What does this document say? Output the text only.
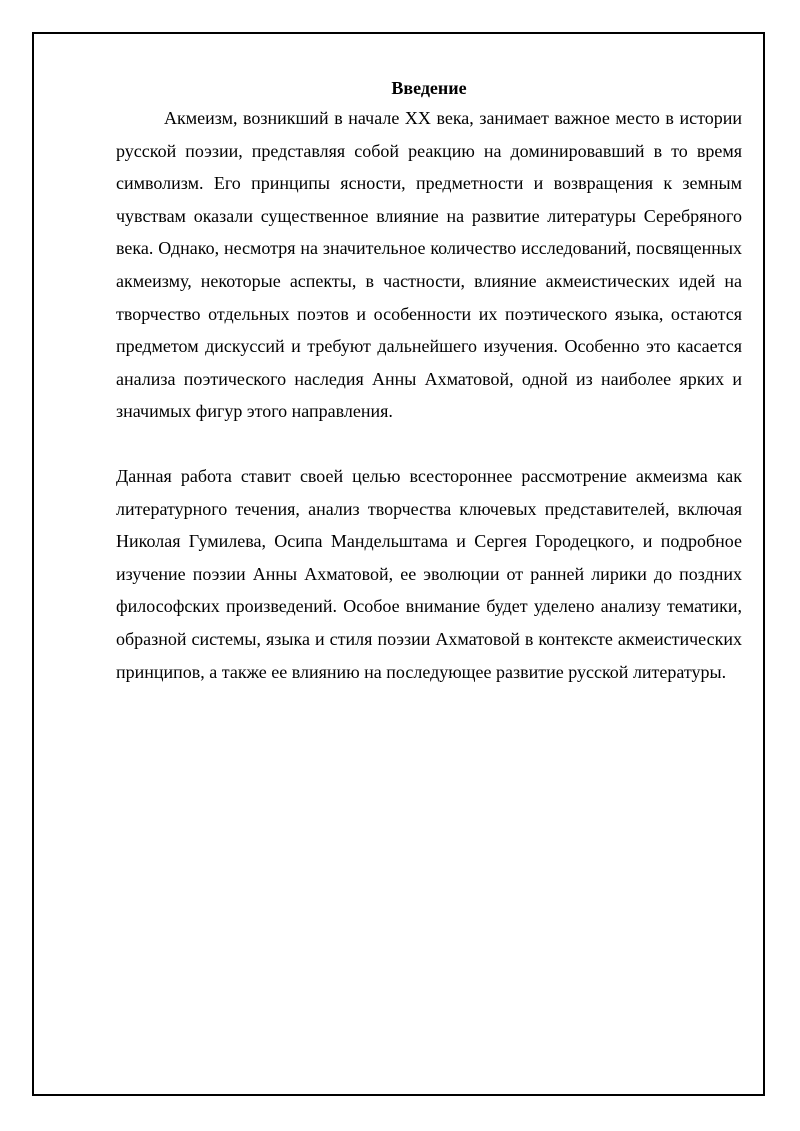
Введение

Акмеизм, возникший в начале XX века, занимает важное место в истории русской поэзии, представляя собой реакцию на доминировавший в то время символизм. Его принципы ясности, предметности и возвращения к земным чувствам оказали существенное влияние на развитие литературы Серебряного века. Однако, несмотря на значительное количество исследований, посвященных акмеизму, некоторые аспекты, в частности, влияние акмеистических идей на творчество отдельных поэтов и особенности их поэтического языка, остаются предметом дискуссий и требуют дальнейшего изучения. Особенно это касается анализа поэтического наследия Анны Ахматовой, одной из наиболее ярких и значимых фигур этого направления.

Данная работа ставит своей целью всестороннее рассмотрение акмеизма как литературного течения, анализ творчества ключевых представителей, включая Николая Гумилева, Осипа Мандельштама и Сергея Городецкого, и подробное изучение поэзии Анны Ахматовой, ее эволюции от ранней лирики до поздних философских произведений. Особое внимание будет уделено анализу тематики, образной системы, языка и стиля поэзии Ахматовой в контексте акмеистических принципов, а также ее влиянию на последующее развитие русской литературы.
